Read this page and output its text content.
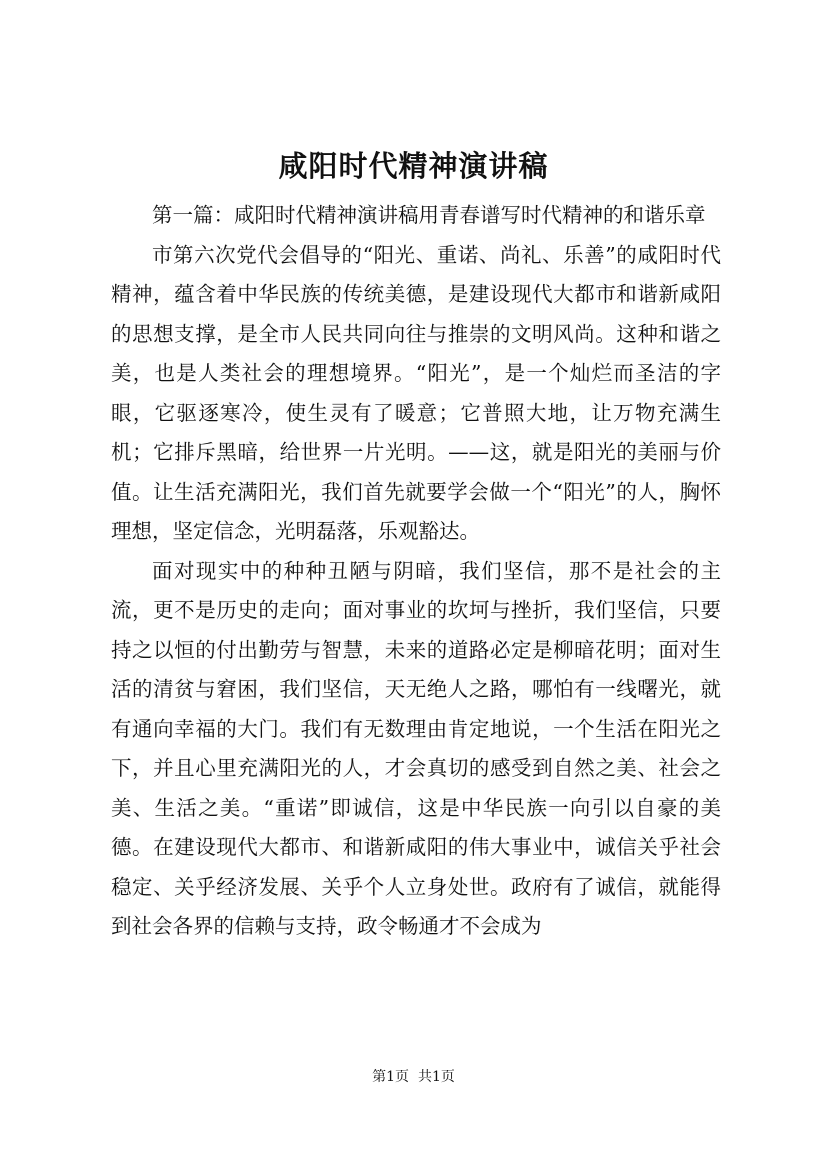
咸阳时代精神演讲稿

第一篇：咸阳时代精神演讲稿用青春谱写时代精神的和谐乐章

市第六次党代会倡导的“阳光、重诺、尚礼、乐善”的咸阳时代精神，蕴含着中华民族的传统美德，是建设现代大都市和谐新咸阳的思想支撑，是全市人民共同向往与推崇的文明风尚。这种和谐之美，也是人类社会的理想境界。“阳光”，是一个灿烂而圣洁的字眼，它驱逐寒冷，使生灵有了暖意；它普照大地，让万物充满生机；它排斥黑暗，给世界一片光明。——这，就是阳光的美丽与价值。让生活充满阳光，我们首先就要学会做一个“阳光”的人，胸怀理想，坚定信念，光明磊落，乐观豁达。

面对现实中的种种丑陋与阴暗，我们坚信，那不是社会的主流，更不是历史的走向；面对事业的坎坷与挫折，我们坚信，只要持之以恒的付出勤劳与智慧，未来的道路必定是柳暗花明；面对生活的清贫与窘困，我们坚信，天无绝人之路，哪怕有一线曙光，就有通向幸福的大门。我们有无数理由肯定地说，一个生活在阳光之下，并且心里充满阳光的人，才会真切的感受到自然之美、社会之美、生活之美。“重诺”即诚信，这是中华民族一向引以自豪的美德。在建设现代大都市、和谐新咸阳的伟大事业中，诚信关乎社会稳定、关乎经济发展、关乎个人立身处世。政府有了诚信，就能得到社会各界的信赖与支持，政令畅通才不会成为

第1页  共1页
